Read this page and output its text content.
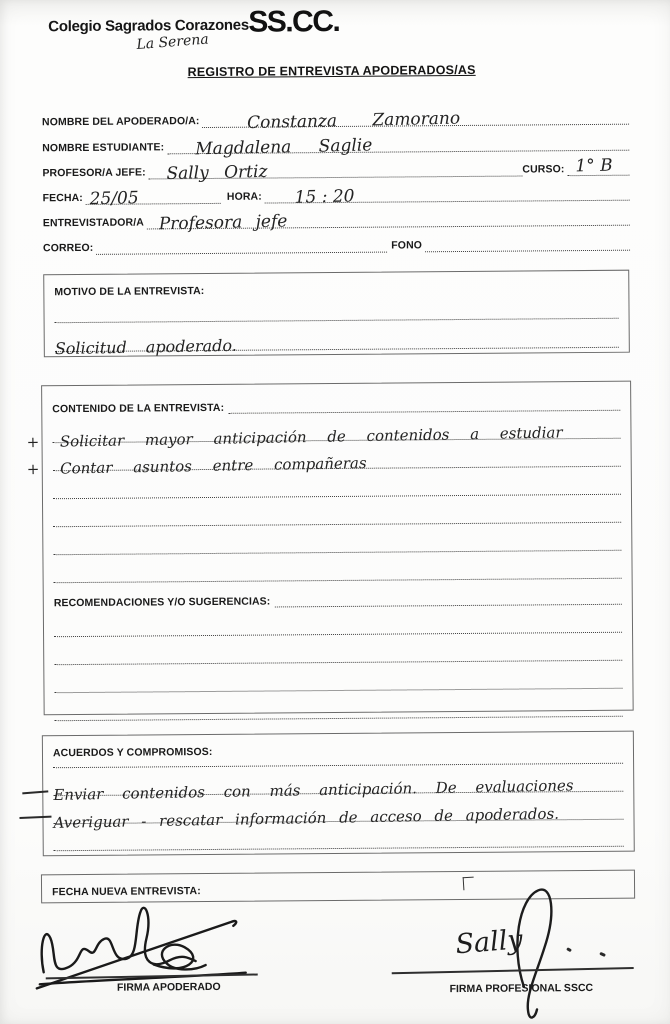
Colegio Sagrados Corazones
La Serena
SS.CC.
REGISTRO DE ENTREVISTA APODERADOS/AS
NOMBRE DEL APODERADO/A:	Constanza Zamorano
NOMBRE ESTUDIANTE: Magdalena Saglie
PROFESOR/A JEFE: Sally Ortiz	CURSO: 1° B
FECHA: 25/05	HORA: 15 : 20
ENTREVISTADOR/A Profesora jefe
CORREO:	FONO
MOTIVO DE LA ENTREVISTA:
Solicitud apoderado.
CONTENIDO DE LA ENTREVISTA:
+ Solicitar mayor anticipación de contenidos a estudiar
+ Contar asuntos entre compañeras
RECOMENDACIONES Y/O SUGERENCIAS:
ACUERDOS Y COMPROMISOS:
Enviar contenidos con más anticipación. De evaluaciones
Averiguar - rescatar información de acceso de apoderados.
FECHA NUEVA ENTREVISTA:
FIRMA APODERADO
Sally
FIRMA PROFESIONAL SSCC
